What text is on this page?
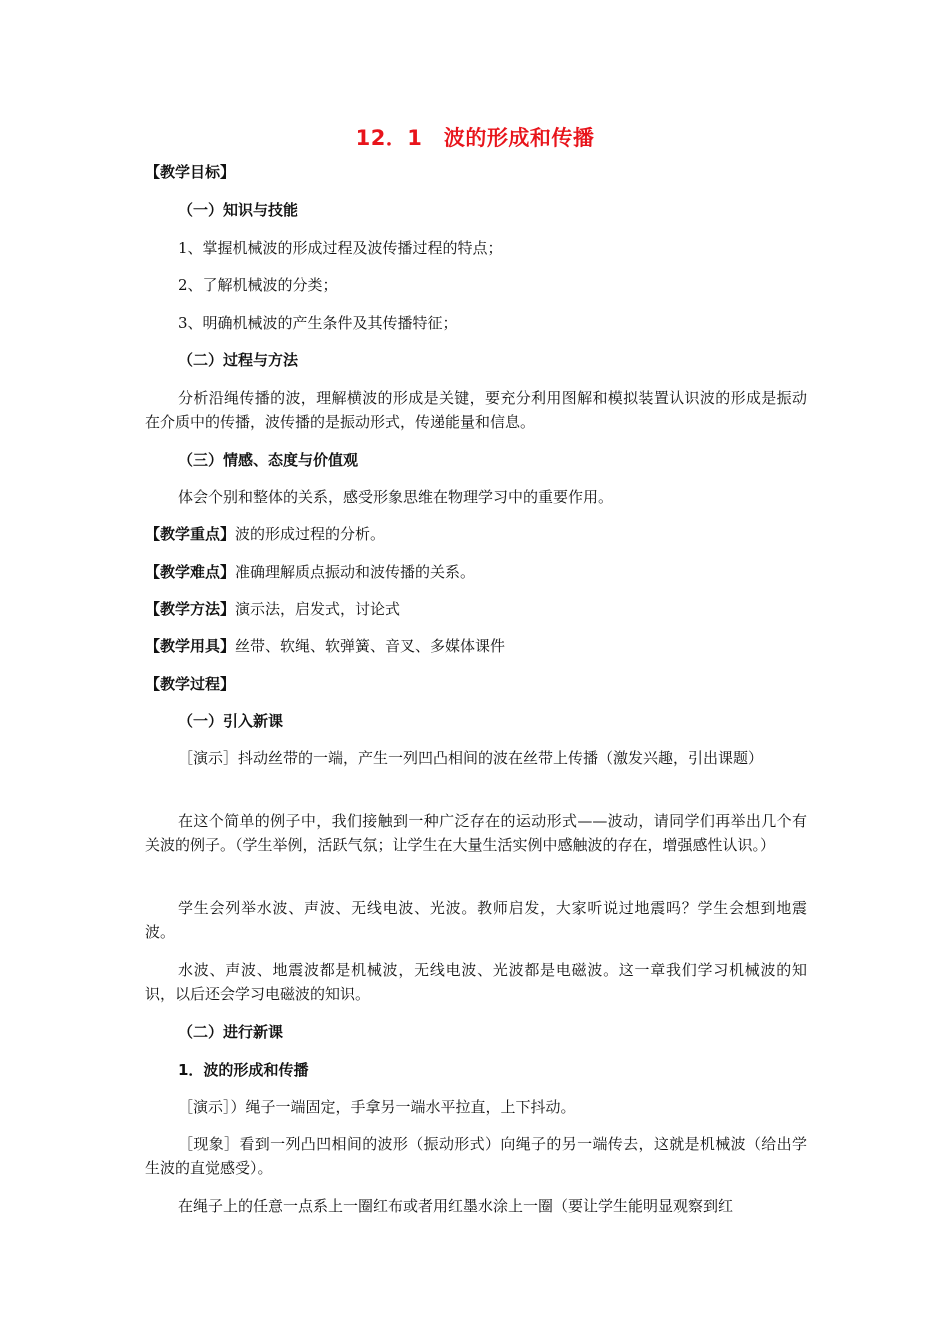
12．1　波的形成和传播
【教学目标】
（一）知识与技能
1、掌握机械波的形成过程及波传播过程的特点；
2、了解机械波的分类；
3、明确机械波的产生条件及其传播特征；
（二）过程与方法
分析沿绳传播的波，理解横波的形成是关键，要充分利用图解和模拟装置认识波的形成是振动在介质中的传播，波传播的是振动形式，传递能量和信息。
（三）情感、态度与价值观
体会个别和整体的关系，感受形象思维在物理学习中的重要作用。
【教学重点】波的形成过程的分析。
【教学难点】准确理解质点振动和波传播的关系。
【教学方法】演示法，启发式，讨论式
【教学用具】丝带、软绳、软弹簧、音叉、多媒体课件
【教学过程】
（一）引入新课
［演示］抖动丝带的一端，产生一列凹凸相间的波在丝带上传播（激发兴趣，引出课题）
在这个简单的例子中，我们接触到一种广泛存在的运动形式——波动，请同学们再举出几个有关波的例子。（学生举例，活跃气氛；让学生在大量生活实例中感触波的存在，增强感性认识。）
学生会列举水波、声波、无线电波、光波。教师启发，大家听说过地震吗？学生会想到地震波。
水波、声波、地震波都是机械波，无线电波、光波都是电磁波。这一章我们学习机械波的知识，以后还会学习电磁波的知识。
（二）进行新课
1．波的形成和传播
［演示］）绳子一端固定，手拿另一端水平拉直，上下抖动。
［现象］看到一列凸凹相间的波形（振动形式）向绳子的另一端传去，这就是机械波（给出学生波的直觉感受）。
在绳子上的任意一点系上一圈红布或者用红墨水涂上一圈（要让学生能明显观察到红
